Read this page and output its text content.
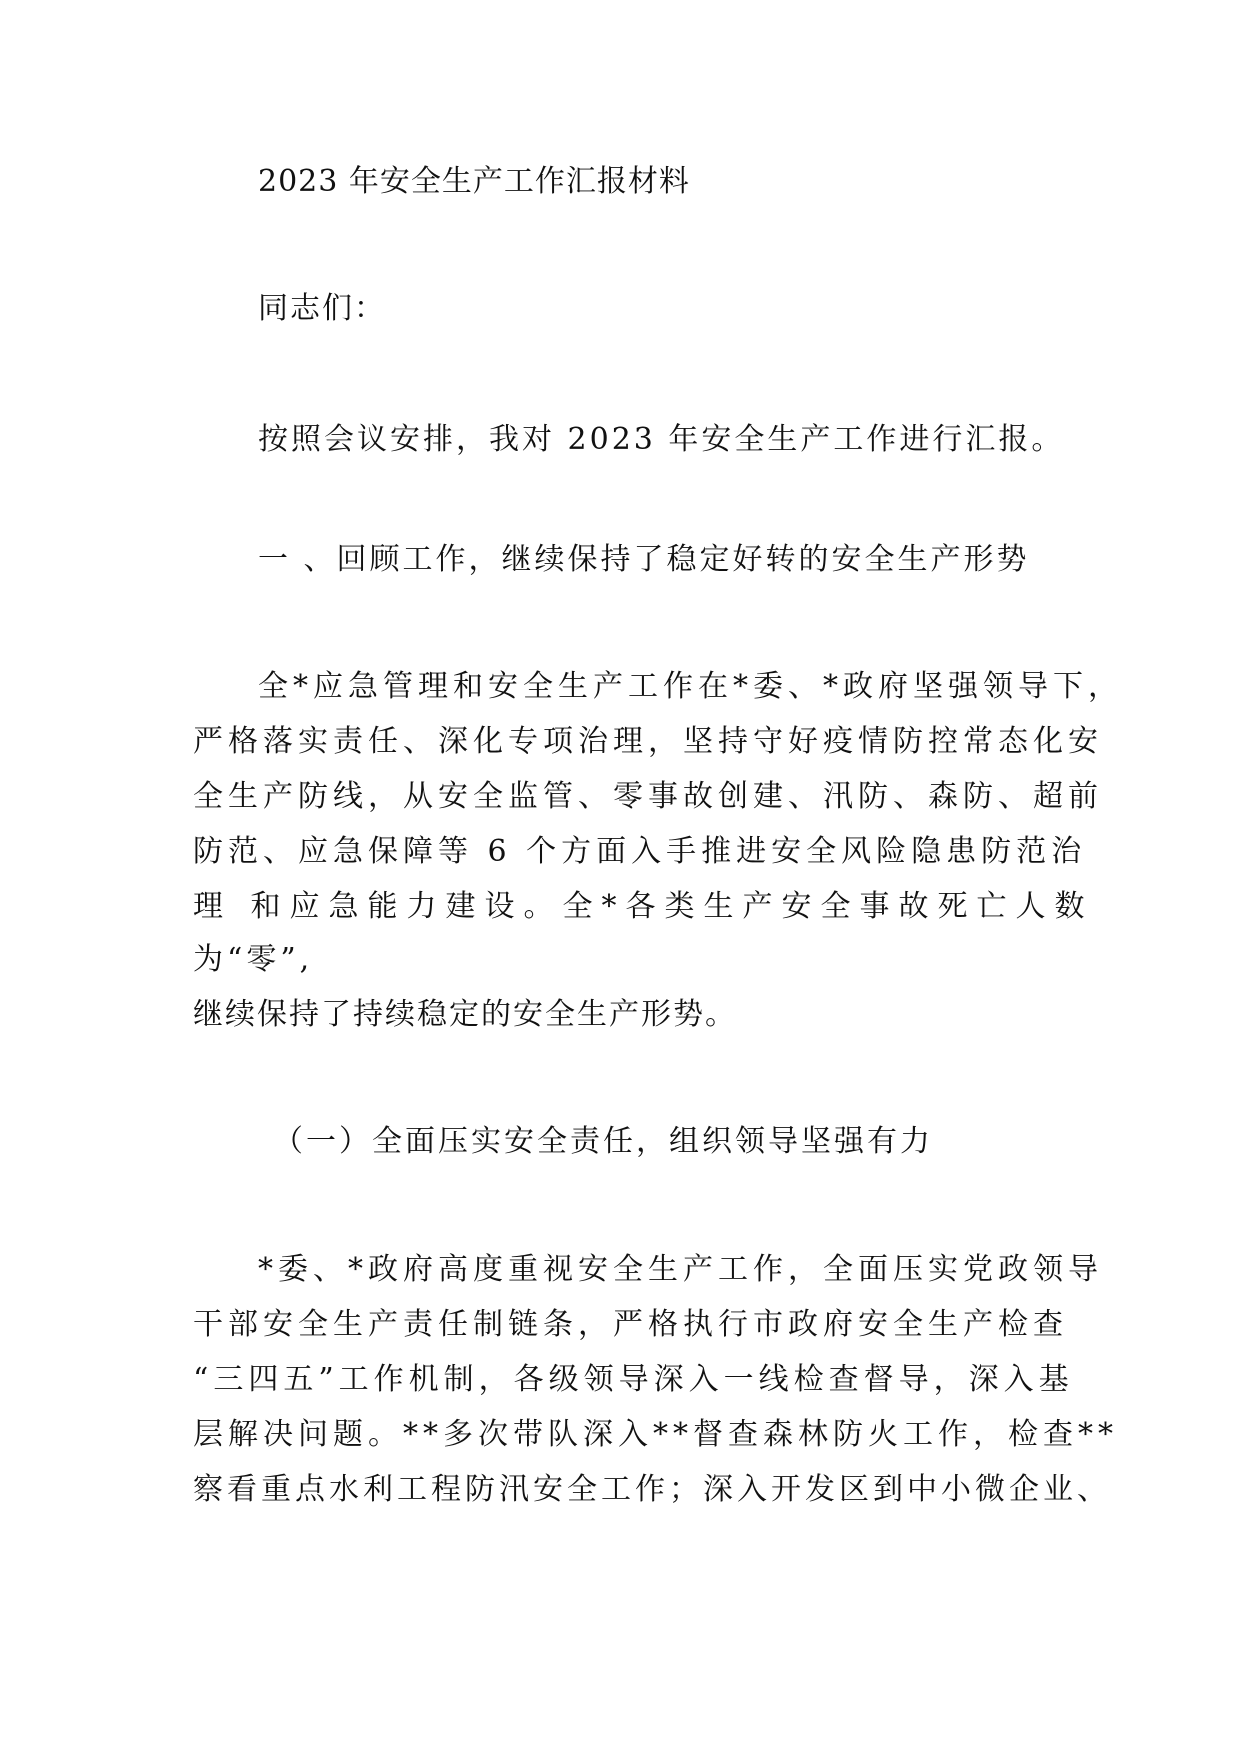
2023 年安全生产工作汇报材料
同志们：
按照会议安排，我对 2023 年安全生产工作进行汇报。
一 、回顾工作，继续保持了稳定好转的安全生产形势
全*应急管理和安全生产工作在*委、*政府坚强领导下，
严格落实责任、深化专项治理，坚持守好疫情防控常态化安
全生产防线，从安全监管、零事故创建、汛防、森防、超前
防范、应急保障等 6 个方面入手推进安全风险隐患防范治
理 和应急能力建设。全*各类生产安全事故死亡人数
为“零”,
继续保持了持续稳定的安全生产形势。
（一）全面压实安全责任，组织领导坚强有力
*委、*政府高度重视安全生产工作，全面压实党政领导
干部安全生产责任制链条，严格执行市政府安全生产检查
“三四五”工作机制，各级领导深入一线检查督导，深入基
层解决问题。**多次带队深入**督查森林防火工作，检查**
察看重点水利工程防汛安全工作；深入开发区到中小微企业、
